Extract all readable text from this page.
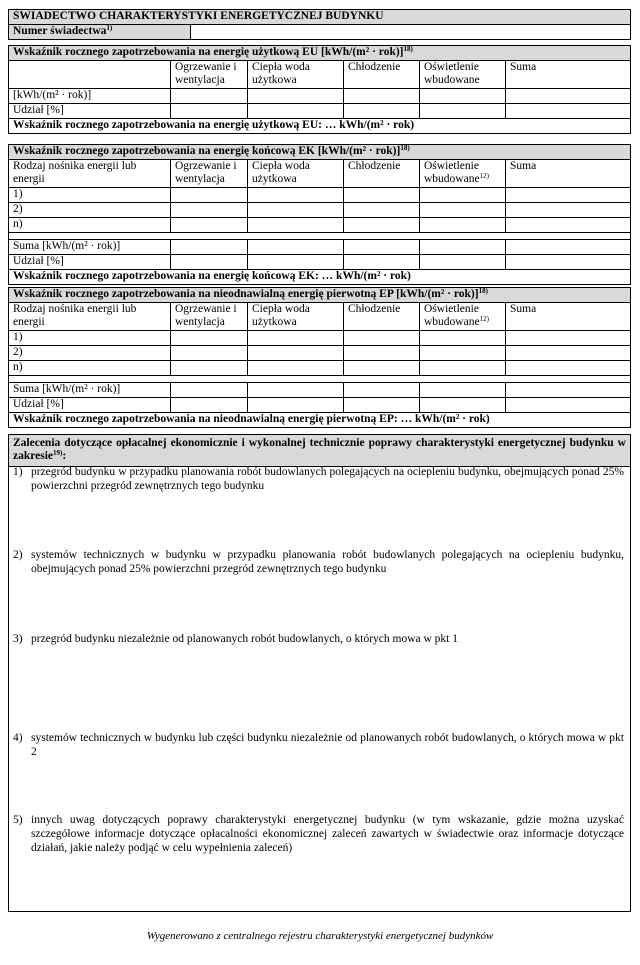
ŚWIADECTWO CHARAKTERYSTYKI ENERGETYCZNEJ BUDYNKU
Numer świadectwa$^{1)}$	
Wskaźnik rocznego zapotrzebowania na energię użytkową EU $[kWh/(m^2 \cdot rok)]^{18)}$
	Ogrzewanie i wentylacja	Ciepła woda użytkowa	Chłodzenie	Oświetlenie wbudowane	Suma
[kWh/(m² · rok)]					
Udział [%]					
Wskaźnik rocznego zapotrzebowania na energię użytkową EU: … kWh/(m² · rok)					
Wskaźnik rocznego zapotrzebowania na energię końcową EK $[kWh/(m^2 \cdot rok)]^{18)}$
Rodzaj nośnika energii lub energii	Ogrzewanie i wentylacja	Ciepła woda użytkowa	Chłodzenie	Oświetlenie wbudowane$^{12)}$	Suma
1)					
2)					
n)					

Suma [kWh/(m² · rok)]					
Udział [%]					
Wskaźnik rocznego zapotrzebowania na energię końcową EK: … kWh/(m² · rok)					
Wskaźnik rocznego zapotrzebowania na nieodnawialną energię pierwotną EP $[kWh/(m^2 \cdot rok)]^{18)}$
Rodzaj nośnika energii lub energii	Ogrzewanie i wentylacja	Ciepła woda użytkowa	Chłodzenie	Oświetlenie wbudowane$^{12)}$	Suma
1)					
2)					
n)					

Suma [kWh/(m² · rok)]					
Udział [%]					
Wskaźnik rocznego zapotrzebowania na nieodnawialną energię pierwotną EP: … kWh/(m² · rok)					
Zalecenia dotyczące opłacalnej ekonomicznie i wykonalnej technicznie poprawy charakterystyki energetycznej budynku w zakresie$^{19)}$:
1) przegród budynku w przypadku planowania robót budowlanych polegających na ociepleniu budynku, obejmujących ponad 25% powierzchni przegród zewnętrznych tego budynku
2) systemów technicznych w budynku w przypadku planowania robót budowlanych polegających na ociepleniu budynku, obejmujących ponad 25% powierzchni przegród zewnętrznych tego budynku
3) przegród budynku niezależnie od planowanych robót budowlanych, o których mowa w pkt 1
4) systemów technicznych w budynku lub części budynku niezależnie od planowanych robót budowlanych, o których mowa w pkt 2
5) innych uwag dotyczących poprawy charakterystyki energetycznej budynku (w tym wskazanie, gdzie można uzyskać szczegółowe informacje dotyczące opłacalności ekonomicznej zaleceń zawartych w świadectwie oraz informacje dotyczące działań, jakie należy podjąć w celu wypełnienia zaleceń)
Wygenerowano z centralnego rejestru charakterystyki energetycznej budynków
